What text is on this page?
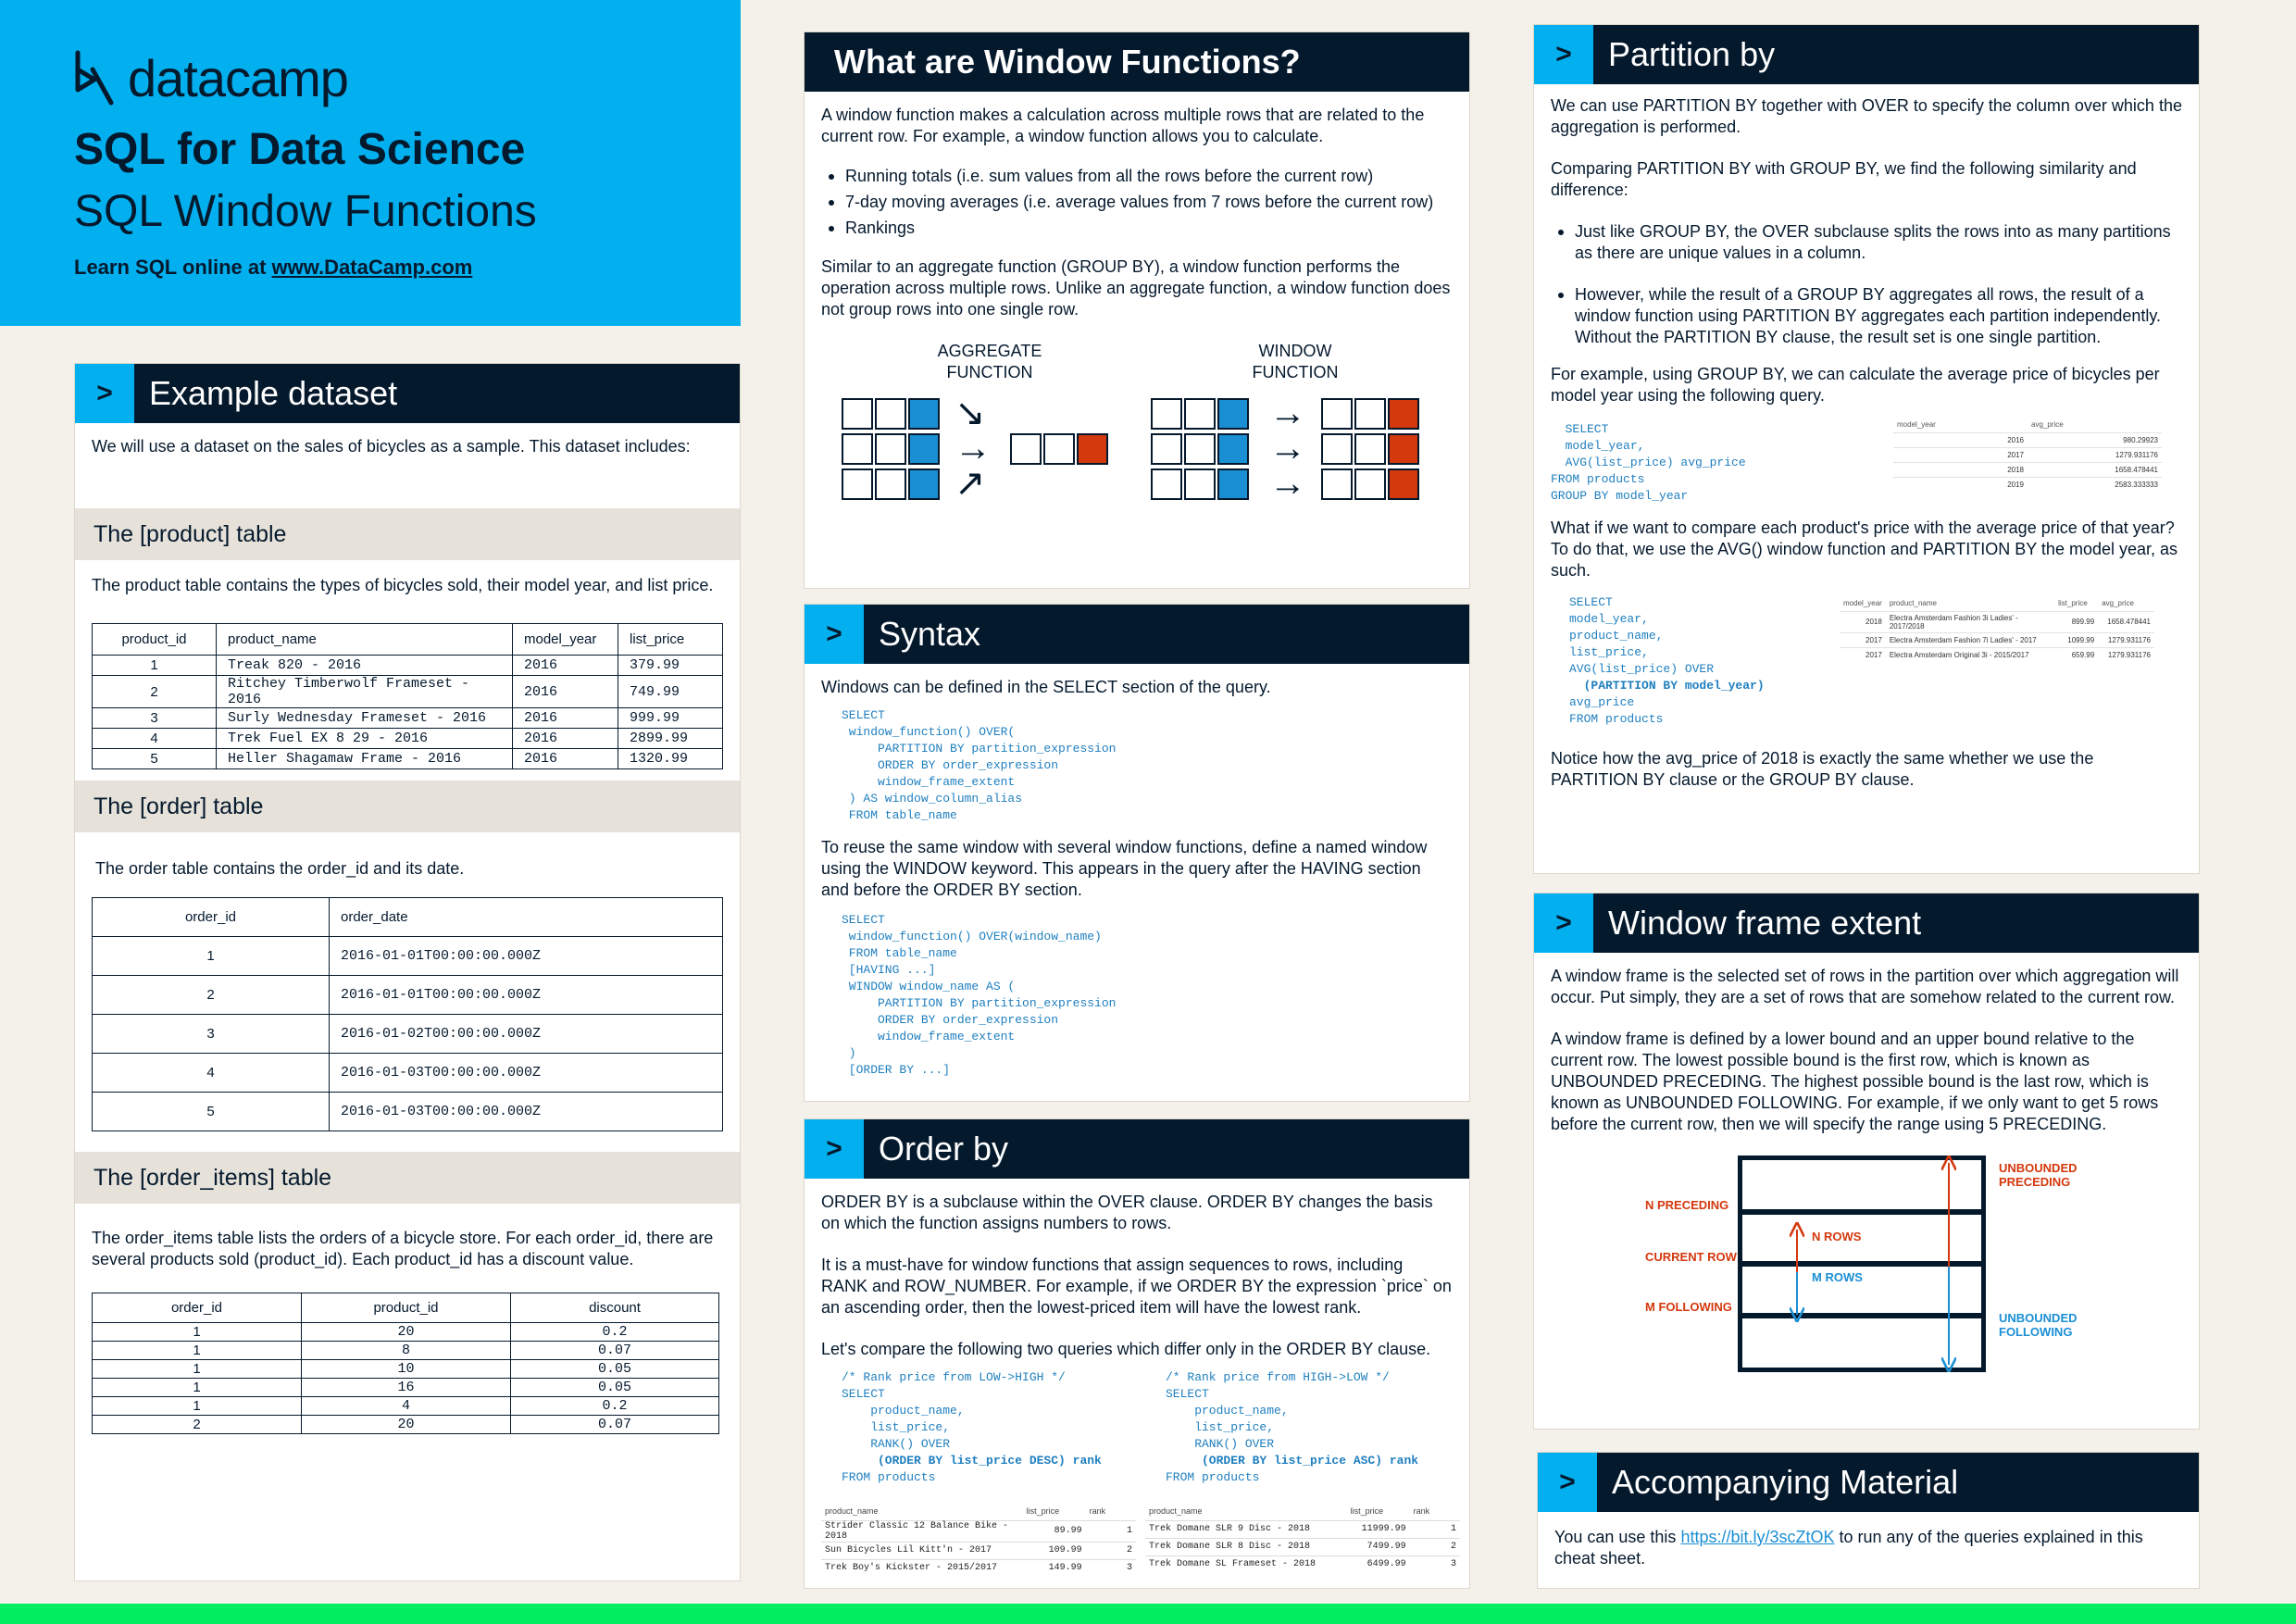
datacamp
SQL for Data Science
SQL Window Functions
Learn SQL online at www.DataCamp.com
>	Example dataset
We will use a dataset on the sales of bicycles as a sample. This dataset includes:
The [product] table
The product table contains the types of bicycles sold, their model year, and list price.
product_id	product_name	model_year	list_price
1	Treak 820 - 2016	2016	379.99
2	Ritchey Timberwolf Frameset - 2016	2016	749.99
3	Surly Wednesday Frameset - 2016	2016	999.99
4	Trek Fuel EX 8 29 - 2016	2016	2899.99
5	Heller Shagamaw Frame - 2016	2016	1320.99
The [order] table
The order table contains the order_id and its date.
order_id	order_date
1	2016-01-01T00:00:00.000Z
2	2016-01-01T00:00:00.000Z
3	2016-01-02T00:00:00.000Z
4	2016-01-03T00:00:00.000Z
5	2016-01-03T00:00:00.000Z
The [order_items] table
The order_items table lists the orders of a bicycle store. For each order_id, there are several products sold (product_id). Each product_id has a discount value.
order_id	product_id	discount
1	20	0.2
1	8	0.07
1	10	0.05
1	16	0.05
1	4	0.2
2	20	0.07
What are Window Functions?
A window function makes a calculation across multiple rows that are related to the current row. For example, a window function allows you to calculate.
Running totals (i.e. sum values from all the rows before the current row)
7-day moving averages (i.e. average values from 7 rows before the current row)
Rankings
Similar to an aggregate function (GROUP BY), a window function performs the operation across multiple rows. Unlike an aggregate function, a window function does not group rows into one single row.
AGGREGATE
FUNCTION
WINDOW
FUNCTION
↘
→
↗
→
→
→
>	Syntax
Windows can be defined in the SELECT section of the query.
SELECT
window_function() OVER(
PARTITION BY partition_expression
ORDER BY order_expression
window_frame_extent
) AS window_column_alias
FROM table_name
To reuse the same window with several window functions, define a named window using the WINDOW keyword. This appears in the query after the HAVING section and before the ORDER BY section.
SELECT
window_function() OVER(window_name)
FROM table_name
[HAVING ...]
WINDOW window_name AS (
PARTITION BY partition_expression
ORDER BY order_expression
window_frame_extent
)
[ORDER BY ...]
>	Order by
ORDER BY is a subclause within the OVER clause. ORDER BY changes the basis on which the function assigns numbers to rows.
It is a must-have for window functions that assign sequences to rows, including RANK and ROW_NUMBER. For example, if we ORDER BY the expression `price` on an ascending order, then the lowest-priced item will have the lowest rank.
Let's compare the following two queries which differ only in the ORDER BY clause.
/* Rank price from LOW->HIGH */
SELECT
product_name,
list_price,
RANK() OVER
(ORDER BY list_price DESC) rank
FROM products
/* Rank price from HIGH->LOW */
SELECT
product_name,
list_price,
RANK() OVER
(ORDER BY list_price ASC) rank
FROM products
product_name	list_price	rank
Strider Classic 12 Balance Bike - 2018	89.99	1
Sun Bicycles Lil Kitt'n - 2017	109.99	2
Trek Boy's Kickster - 2015/2017	149.99	3
product_name	list_price	rank
Trek Domane SLR 9 Disc - 2018	11999.99	1
Trek Domane SLR 8 Disc - 2018	7499.99	2
Trek Domane SL Frameset - 2018	6499.99	3
>	Partition by
We can use PARTITION BY together with OVER to specify the column over which the aggregation is performed.
Comparing PARTITION BY with GROUP BY, we find the following similarity and difference:
Just like GROUP BY, the OVER subclause splits the rows into as many partitions as there are unique values in a column.
However, while the result of a GROUP BY aggregates all rows, the result of a window function using PARTITION BY aggregates each partition independently. Without the PARTITION BY clause, the result set is one single partition.
For example, using GROUP BY, we can calculate the average price of bicycles per model year using the following query.
SELECT
model_year,
AVG(list_price) avg_price
FROM products
GROUP BY model_year
model_year	avg_price
2016	980.29923
2017	1279.931176
2018	1658.478441
2019	2583.333333
What if we want to compare each product's price with the average price of that year? To do that, we use the AVG() window function and PARTITION BY the model year, as such.
SELECT
model_year,
product_name,
list_price,
AVG(list_price) OVER
(PARTITION BY model_year)
avg_price
FROM products
model_year	product_name	list_price	avg_price
2018	Electra Amsterdam Fashion 3i Ladies' - 2017/2018	899.99	1658.478441
2017	Electra Amsterdam Fashion 7i Ladies' - 2017	1099.99	1279.931176
2017	Electra Amsterdam Original 3i - 2015/2017	659.99	1279.931176
Notice how the avg_price of 2018 is exactly the same whether we use the PARTITION BY clause or the GROUP BY clause.
>	Window frame extent
A window frame is the selected set of rows in the partition over which aggregation will occur. Put simply, they are a set of rows that are somehow related to the current row.
A window frame is defined by a lower bound and an upper bound relative to the current row. The lowest possible bound is the first row, which is known as UNBOUNDED PRECEDING. The highest possible bound is the last row, which is known as UNBOUNDED FOLLOWING. For example, if we only want to get 5 rows before the current row, then we will specify the range using 5 PRECEDING.
N PRECEDING
CURRENT ROW
M FOLLOWING
N ROWS
M ROWS
UNBOUNDED
PRECEDING
UNBOUNDED
FOLLOWING
>	Accompanying Material
You can use this https://bit.ly/3scZtOK to run any of the queries explained in this cheat sheet.
